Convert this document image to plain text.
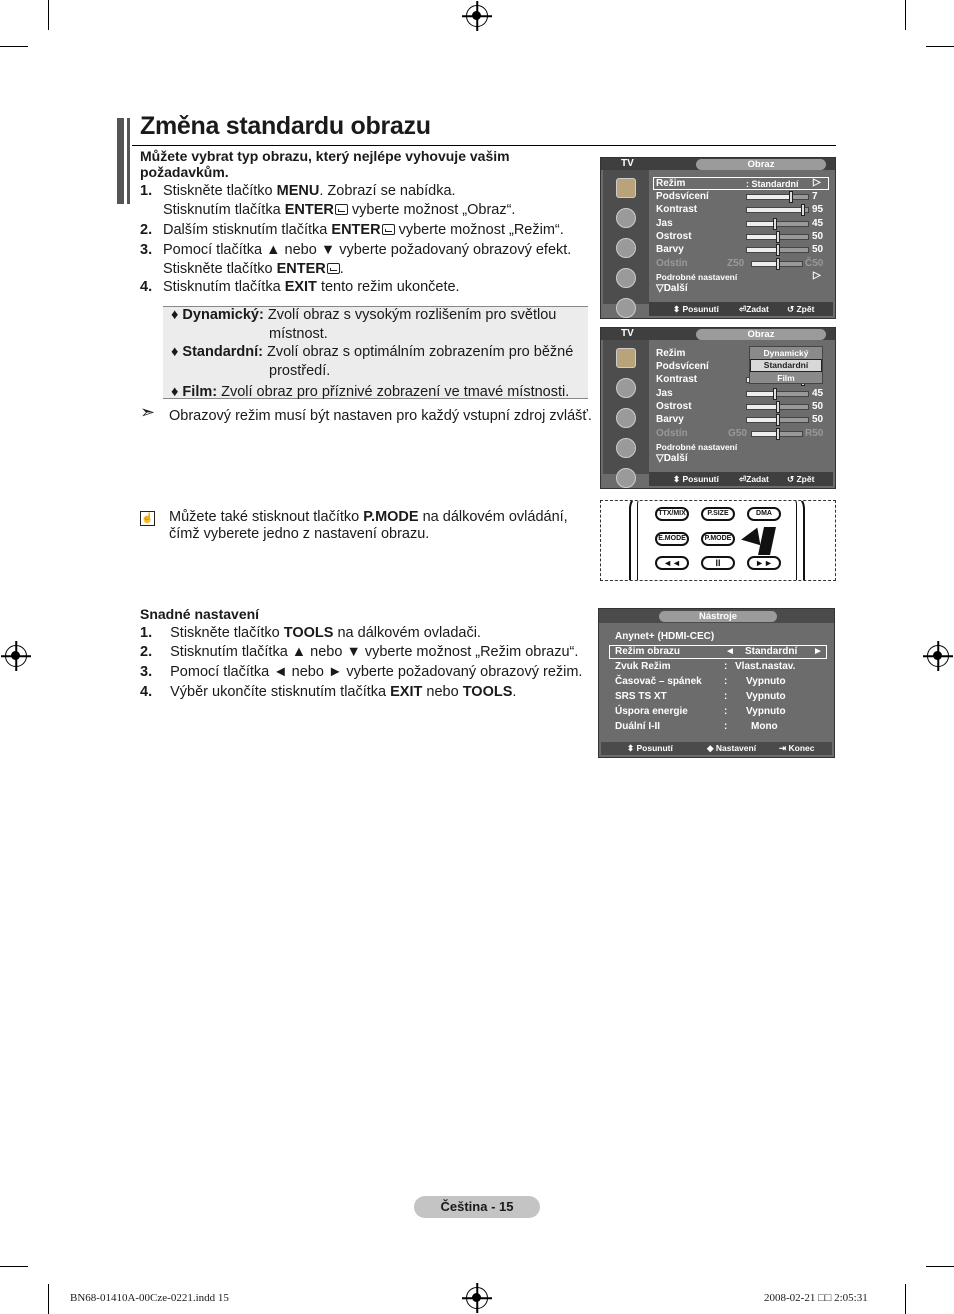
Změna standardu obrazu
Můžete vybrat typ obrazu, který nejlépe vyhovuje vašim
požadavkům.
1. Stiskněte tlačítko MENU. Zobrazí se nabídka.
Stisknutím tlačítka ENTER vyberte možnost „Obraz“.
2. Dalším stisknutím tlačítka ENTER vyberte možnost „Režim“.
3. Pomocí tlačítka ▲ nebo ▼ vyberte požadovaný obrazový efekt.
Stiskněte tlačítko ENTER .
4. Stisknutím tlačítka EXIT tento režim ukončete.
♦ Dynamický: Zvolí obraz s vysokým rozlišením pro světlou
místnost.
♦ Standardní: Zvolí obraz s optimálním zobrazením pro běžné
prostředí.
♦ Film: Zvolí obraz pro příznivé zobrazení ve tmavé místnosti.
➣ Obrazový režim musí být nastaven pro každý vstupní zdroj zvlášť.
☝ Můžete také stisknout tlačítko P.MODE na dálkovém ovládání,
čímž vyberete jedno z nastavení obrazu.
Snadné nastavení
1. Stiskněte tlačítko TOOLS na dálkovém ovladači.
2. Stisknutím tlačítka ▲ nebo ▼ vyberte možnost „Režim obrazu“.
3. Pomocí tlačítka ◄ nebo ► vyberte požadovaný obrazový režim.
4. Výběr ukončíte stisknutím tlačítka EXIT nebo TOOLS.
TV	Obraz
Režim	: Standardní ▷
Podsvícení
Kontrast
Jas
Ostrost
Barvy
Odstín
7
95
45
50
50
Z50	Č50
Podrobné nastavení	▷
▽Další
⬍ Posunutí ⏎Zadat ↺ Zpět
TV	Obraz
Režim
Podsvícení
Kontrast
Jas
Ostrost
Barvy
Odstín
45
50
50
G50	R50
Dynamický
Standardní
Film
Podrobné nastavení
▽Další
⬍ Posunutí ⏎Zadat ↺ Zpět
TTX/MIX	P.SIZE	DMA
E.MODE	P.MODE
◄◄	II	►►
Nástroje
Anynet+ (HDMI-CEC)
Režim obrazu
Zvuk Režim
Časovač – spánek
SRS TS XT
Úspora energie
Duální I-II
◄ Standardní ►
: Vlast.nastav.
: Vypnuto
: Vypnuto
: Vypnuto
: Mono
⬍ Posunutí	◆ Nastavení	⇥ Konec
Čeština - 15
BN68-01410A-00Cze-0221.indd 15	2008-02-21 □□ 2:05:31
